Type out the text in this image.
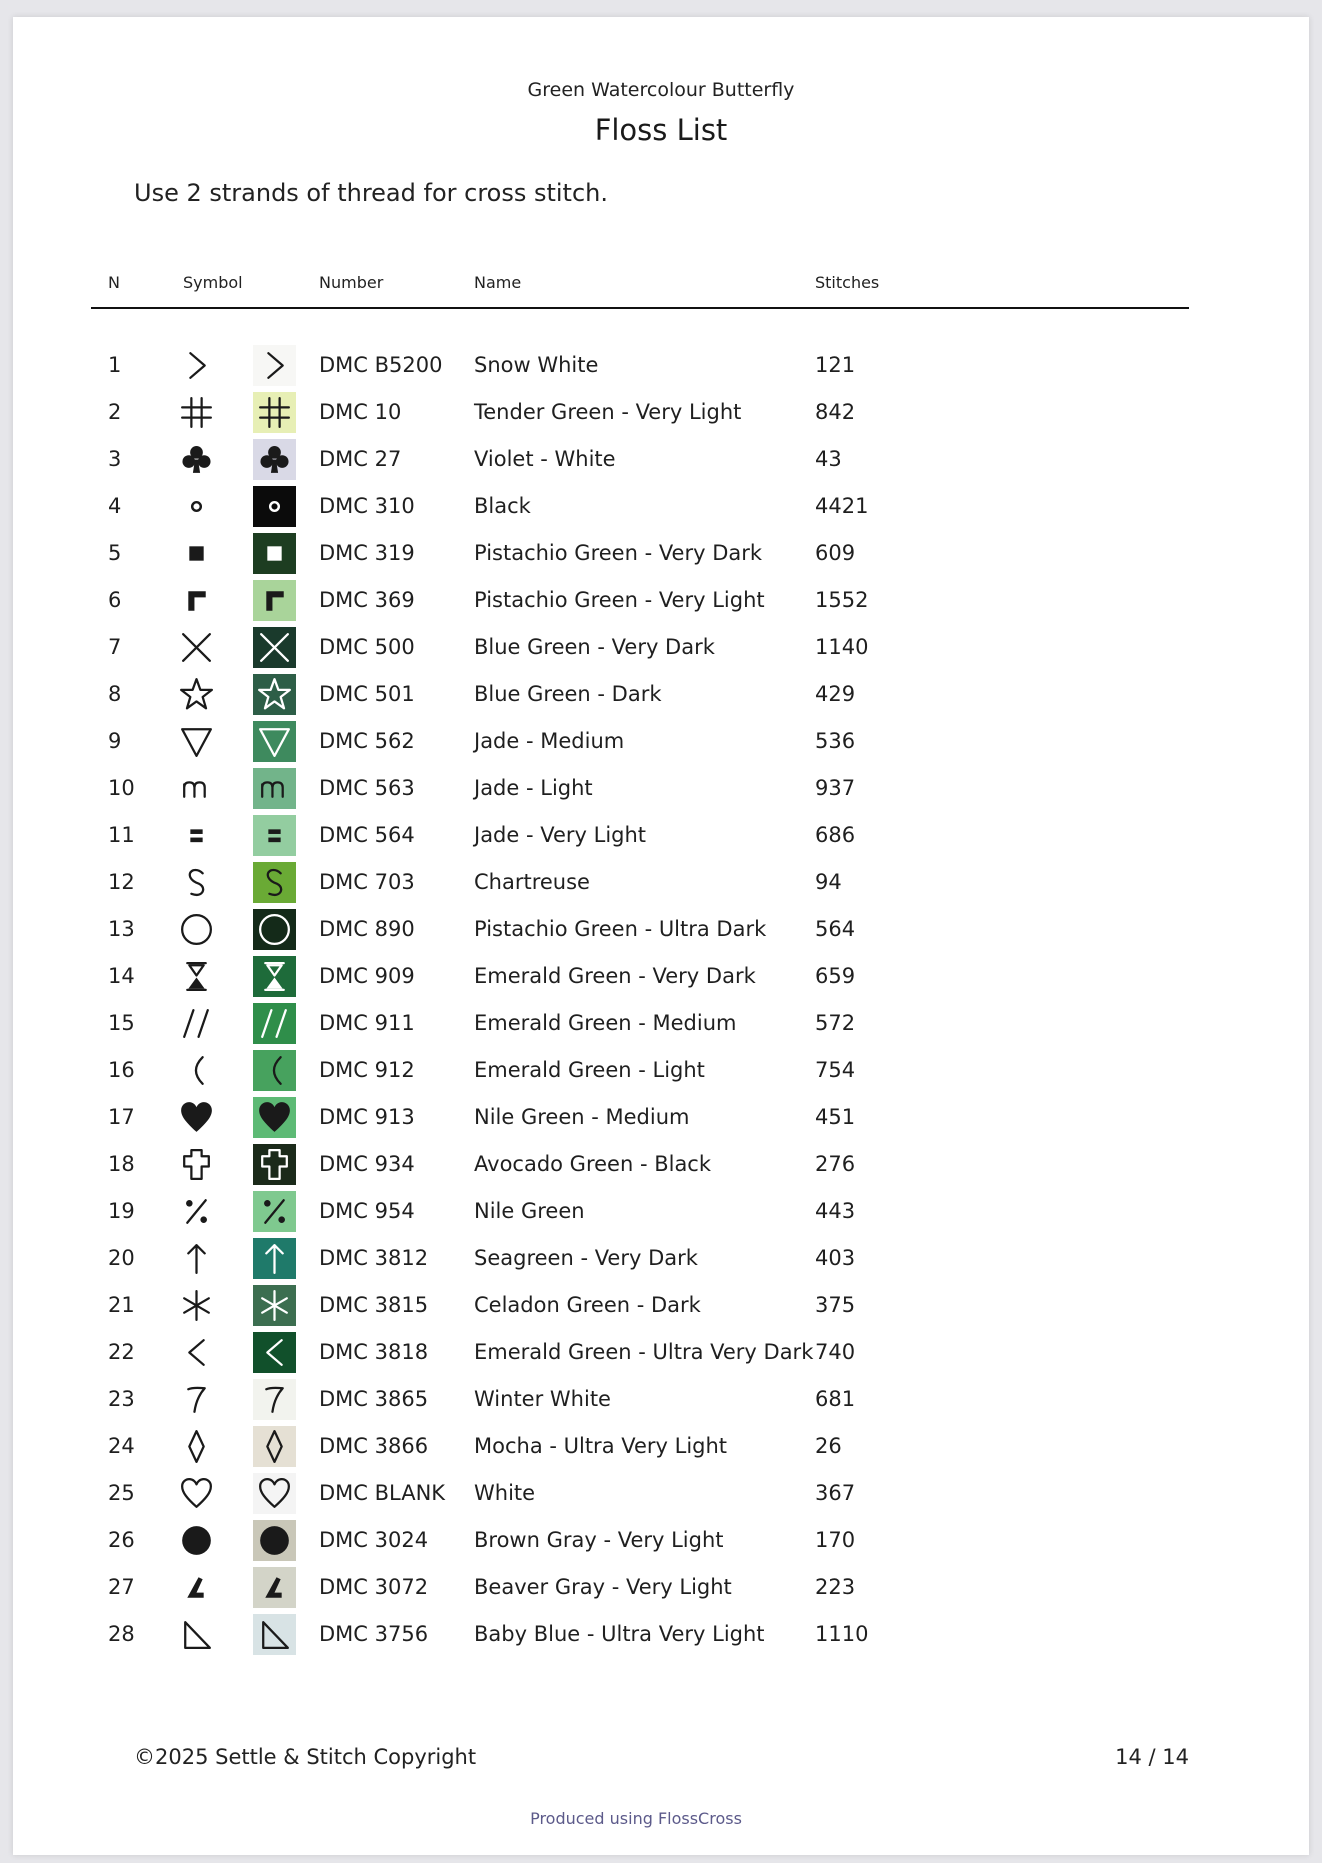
Green Watercolour Butterfly
Floss List
Use 2 strands of thread for cross stitch.
N	Symbol	Number	Name	Stitches
1	DMC B5200 Snow White	121
2	DMC 10	Tender Green - Very Light	842
3	DMC 27	Violet - White	43
4	DMC 310	Black	4421
5	DMC 319	Pistachio Green - Very Dark	609
6	DMC 369	Pistachio Green - Very Light 1552
7	DMC 500	Blue Green - Very Dark	1140
8	DMC 501	Blue Green - Dark	429
9	DMC 562	Jade - Medium	536
10	DMC 563	Jade - Light	937
11	DMC 564	Jade - Very Light	686
12	DMC 703	Chartreuse	94
13	DMC 890	Pistachio Green - Ultra Dark 564
14	DMC 909	Emerald Green - Very Dark	659
15	DMC 911	Emerald Green - Medium	572
16	DMC 912	Emerald Green - Light	754
17	DMC 913	Nile Green - Medium	451
18	DMC 934	Avocado Green - Black	276
19	DMC 954	Nile Green	443
20	DMC 3812 Seagreen - Very Dark	403
21	DMC 3815 Celadon Green - Dark	375
22	DMC 3818 Emerald Green - Ultra Very Dark 740
23	DMC 3865 Winter White	681
24	DMC 3866 Mocha - Ultra Very Light	26
25	DMC BLANK White	367
26	DMC 3024 Brown Gray - Very Light	170
27	DMC 3072 Beaver Gray - Very Light	223
28	DMC 3756 Baby Blue - Ultra Very Light 1110
©2025 Settle & Stitch Copyright	14 / 14
Produced using FlossCross
